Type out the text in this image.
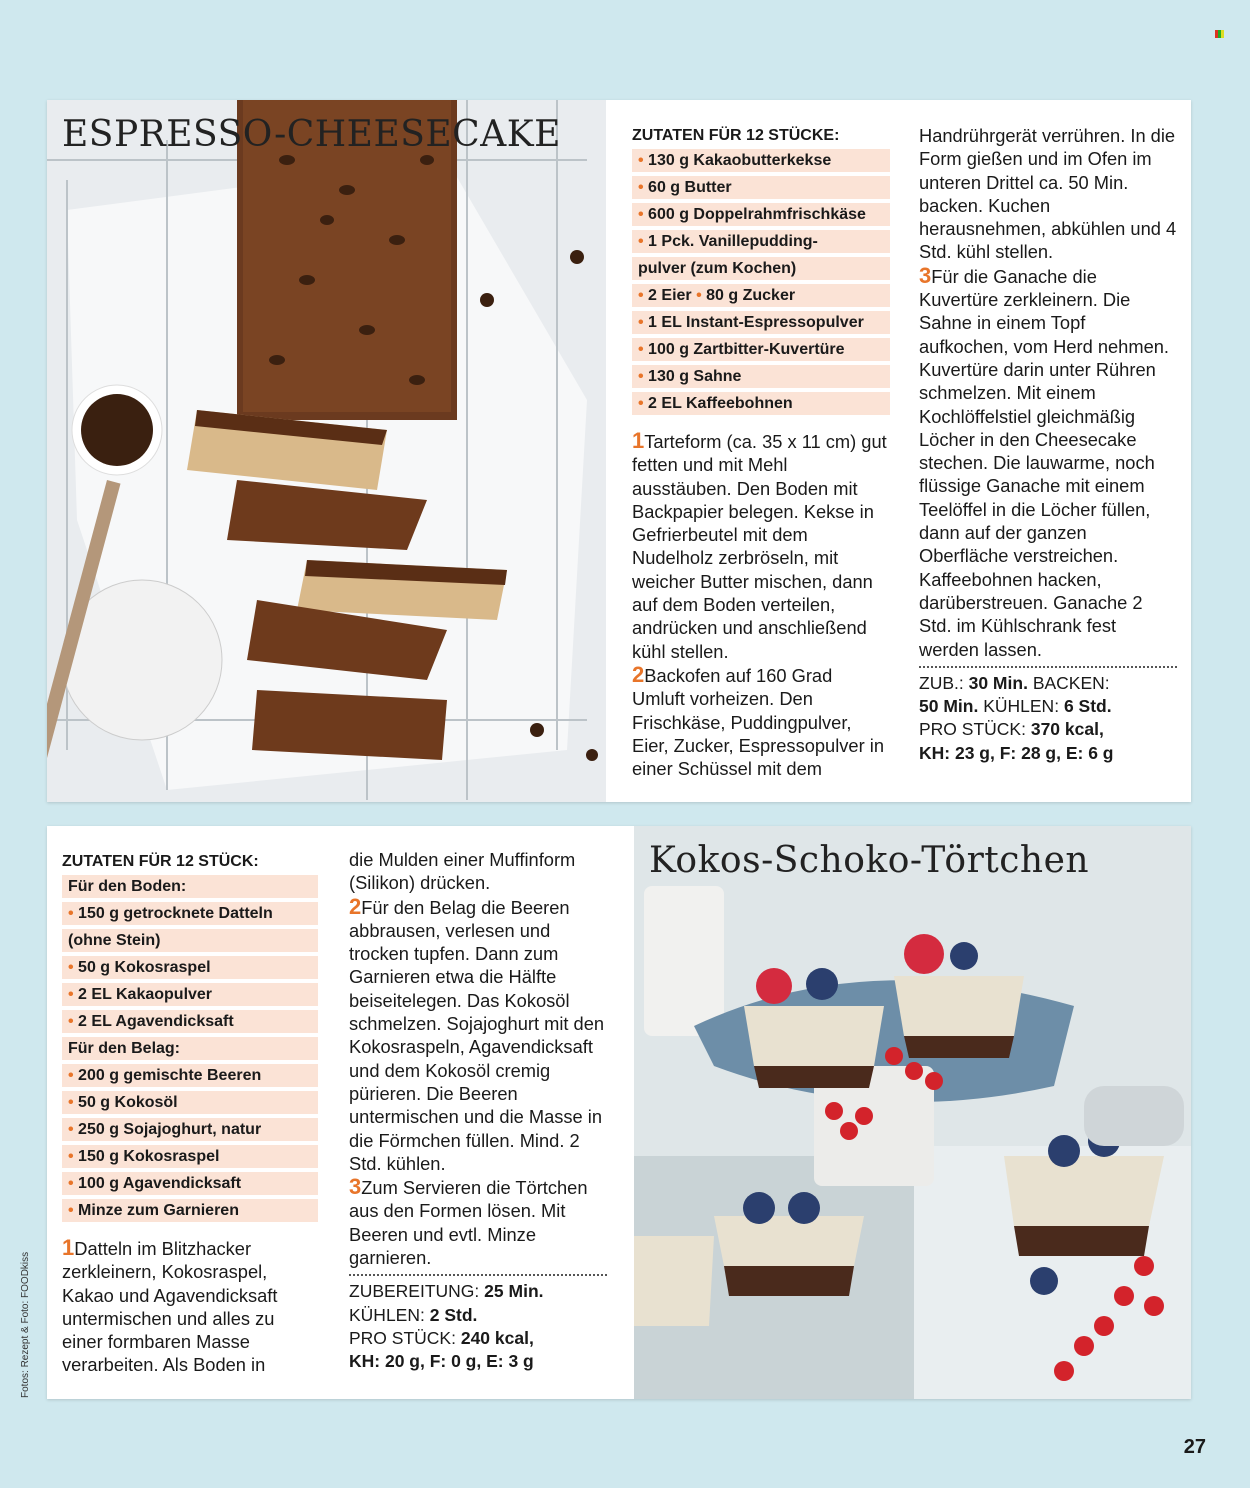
ESPRESSO-CHEESECAKE	ZUTATEN FÜR 12 STÜCKE:

• 130 g Kakaobutterkekse
• 60 g Butter
• 600 g Doppelrahmfrischkäse
• 1 Pck. Vanillepudding-
pulver (zum Kochen)
• 2 Eier • 80 g Zucker
• 1 EL Instant-Espressopulver
• 100 g Zartbitter-Kuvertüre
• 130 g Sahne
• 2 EL Kaffeebohnen

1Tarteform (ca. 35 x 11 cm) gut fetten und mit Mehl ausstäuben. Den Boden mit Backpapier belegen. Kekse in Gefrierbeutel mit dem Nudelholz zerbröseln, mit weicher Butter mischen, dann auf dem Boden verteilen, andrücken und anschließend kühl stellen.

2Backofen auf 160 Grad Umluft vorheizen. Den Frischkäse, Puddingpulver, Eier, Zucker, Espressopulver in einer Schüssel mit dem

Handrührgerät verrühren. In die Form gießen und im Ofen im unteren Drittel ca. 50 Min. backen. Kuchen herausnehmen, abkühlen und 4 Std. kühl stellen.

3Für die Ganache die Kuvertüre zerkleinern. Die Sahne in einem Topf aufkochen, vom Herd nehmen. Kuvertüre darin unter Rühren schmelzen. Mit einem Kochlöffelstiel gleichmäßig Löcher in den Cheesecake stechen. Die lauwarme, noch flüssige Ganache mit einem Teelöffel in die Löcher füllen, dann auf der ganzen Oberfläche verstreichen. Kaffeebohnen hacken, darüberstreuen. Ganache 2 Std. im Kühlschrank fest werden lassen.

ZUB.: 30 Min. BACKEN:
50 Min. KÜHLEN: 6 Std.
PRO STÜCK: 370 kcal,
KH: 23 g, F: 28 g, E: 6 g

ZUTATEN FÜR 12 STÜCK:

Für den Boden:
• 150 g getrocknete Datteln
(ohne Stein)
• 50 g Kokosraspel
• 2 EL Kakaopulver
• 2 EL Agavendicksaft
Für den Belag:
• 200 g gemischte Beeren
• 50 g Kokosöl
• 250 g Sojajoghurt, natur
• 150 g Kokosraspel
• 100 g Agavendicksaft
• Minze zum Garnieren

1Datteln im Blitzhacker zerkleinern, Kokosraspel, Kakao und Agavendicksaft untermischen und alles zu einer formbaren Masse verarbeiten. Als Boden in

die Mulden einer Muffinform (Silikon) drücken.

2Für den Belag die Beeren abbrausen, verlesen und trocken tupfen. Dann zum Garnieren etwa die Hälfte beiseitelegen. Das Kokosöl schmelzen. Sojajoghurt mit den Kokosraspeln, Agavendicksaft und dem Kokosöl cremig pürieren. Die Beeren untermischen und die Masse in die Förmchen füllen. Mind. 2 Std. kühlen.

3Zum Servieren die Törtchen aus den Formen lösen. Mit Beeren und evtl. Minze garnieren.

ZUBEREITUNG: 25 Min.
KÜHLEN: 2 Std.
PRO STÜCK: 240 kcal,
KH: 20 g, F: 0 g, E: 3 g
Kokos-Schoko-Törtchen
Fotos: Rezept & Foto: FOODkiss
27
